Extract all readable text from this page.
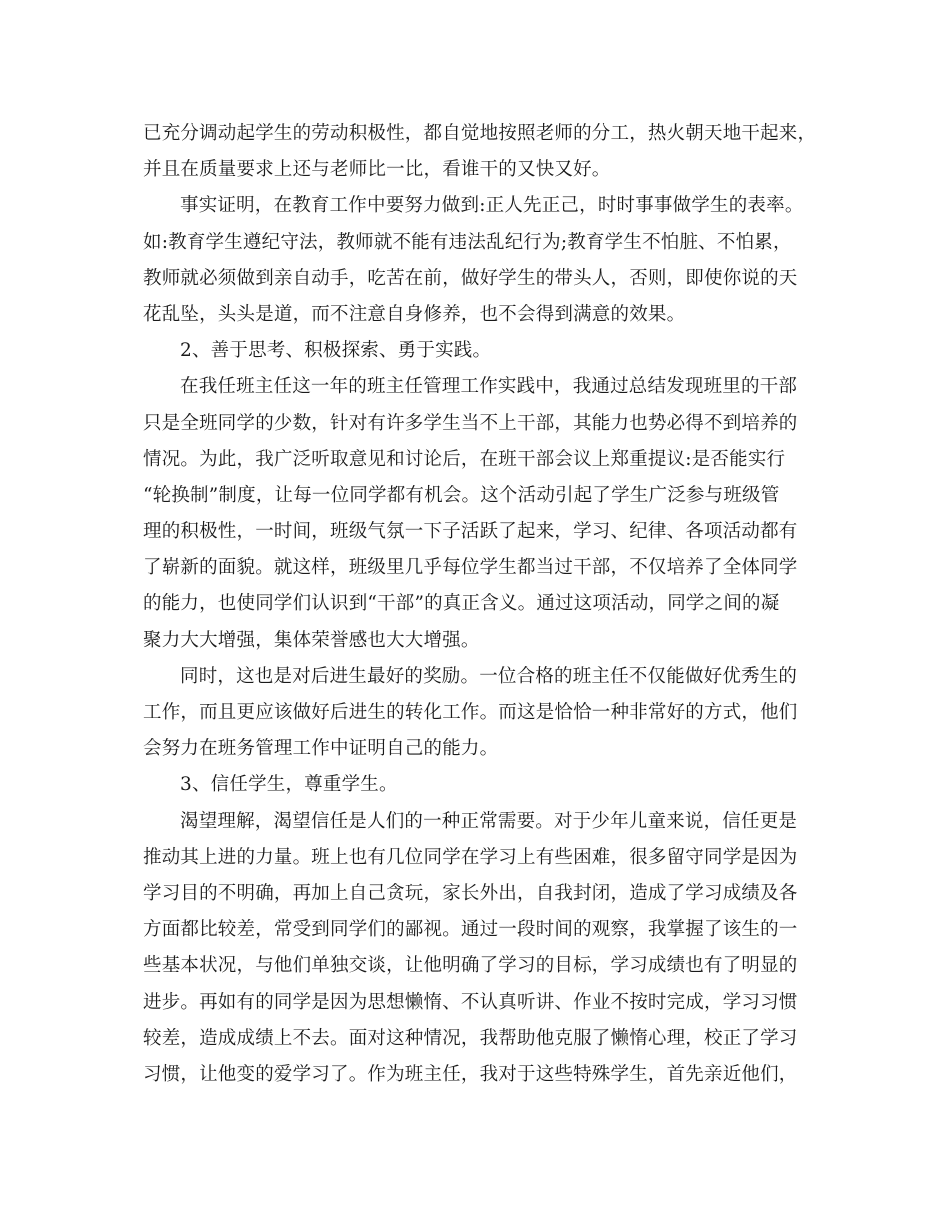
已充分调动起学生的劳动积极性，都自觉地按照老师的分工，热火朝天地干起来，
并且在质量要求上还与老师比一比，看谁干的又快又好。
事实证明，在教育工作中要努力做到:正人先正己，时时事事做学生的表率。
如:教育学生遵纪守法，教师就不能有违法乱纪行为;教育学生不怕脏、不怕累，
教师就必须做到亲自动手，吃苦在前，做好学生的带头人，否则，即使你说的天
花乱坠，头头是道，而不注意自身修养，也不会得到满意的效果。
2、善于思考、积极探索、勇于实践。
在我任班主任这一年的班主任管理工作实践中，我通过总结发现班里的干部
只是全班同学的少数，针对有许多学生当不上干部，其能力也势必得不到培养的
情况。为此，我广泛听取意见和讨论后，在班干部会议上郑重提议:是否能实行
“轮换制”制度，让每一位同学都有机会。这个活动引起了学生广泛参与班级管
理的积极性，一时间，班级气氛一下子活跃了起来，学习、纪律、各项活动都有
了崭新的面貌。就这样，班级里几乎每位学生都当过干部，不仅培养了全体同学
的能力，也使同学们认识到“干部”的真正含义。通过这项活动，同学之间的凝
聚力大大增强，集体荣誉感也大大增强。
同时，这也是对后进生最好的奖励。一位合格的班主任不仅能做好优秀生的
工作，而且更应该做好后进生的转化工作。而这是恰恰一种非常好的方式，他们
会努力在班务管理工作中证明自己的能力。
3、信任学生，尊重学生。
渴望理解，渴望信任是人们的一种正常需要。对于少年儿童来说，信任更是
推动其上进的力量。班上也有几位同学在学习上有些困难，很多留守同学是因为
学习目的不明确，再加上自己贪玩，家长外出，自我封闭，造成了学习成绩及各
方面都比较差，常受到同学们的鄙视。通过一段时间的观察，我掌握了该生的一
些基本状况，与他们单独交谈，让他明确了学习的目标，学习成绩也有了明显的
进步。再如有的同学是因为思想懒惰、不认真听讲、作业不按时完成，学习习惯
较差，造成成绩上不去。面对这种情况，我帮助他克服了懒惰心理，校正了学习
习惯，让他变的爱学习了。作为班主任，我对于这些特殊学生，首先亲近他们，
